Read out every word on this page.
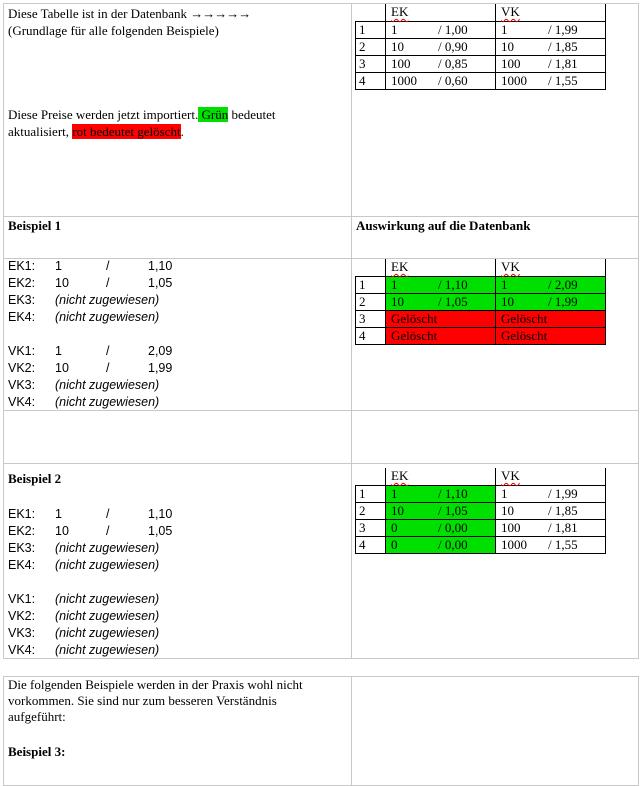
Diese Tabelle ist in der Datenbank →→→→→
(Grundlage für alle folgenden Beispiele)
Diese Preise werden jetzt importiert. Grün bedeutet
aktualisiert, rot bedeutet gelöscht.

	EK	VK

1	1 / 1,00	1 / 1,99

2	10 / 0,90	10 / 1,85

3	100 / 0,85	100 / 1,81

4	1000 / 0,60	1000 / 1,55
Beispiel 1	Auswirkung auf die Datenbank
EK1: 1	/	1,10
EK2: 10	/	1,05
EK3: (nicht zugewiesen)
EK4: (nicht zugewiesen)
VK1: 1	/	2,09
VK2: 10	/	1,99
VK3: (nicht zugewiesen)
VK4: (nicht zugewiesen)

	EK	VK

1	1 / 1,10	1 / 2,09

2	10 / 1,05	10 / 1,99

3	Gelöscht	Gelöscht

4	Gelöscht	Gelöscht
Beispiel 2
EK1: 1	/	1,10
EK2: 10	/	1,05
EK3: (nicht zugewiesen)
EK4: (nicht zugewiesen)
VK1: (nicht zugewiesen)
VK2: (nicht zugewiesen)
VK3: (nicht zugewiesen)
VK4: (nicht zugewiesen)

	EK	VK

1	1 / 1,10	1 / 1,99

2	10 / 1,05	10 / 1,85

3	0 / 0,00	100 / 1,81

4	0 / 0,00	1000 / 1,55
Die folgenden Beispiele werden in der Praxis wohl nicht
vorkommen. Sie sind nur zum besseren Verständnis
aufgeführt:
Beispiel 3:
